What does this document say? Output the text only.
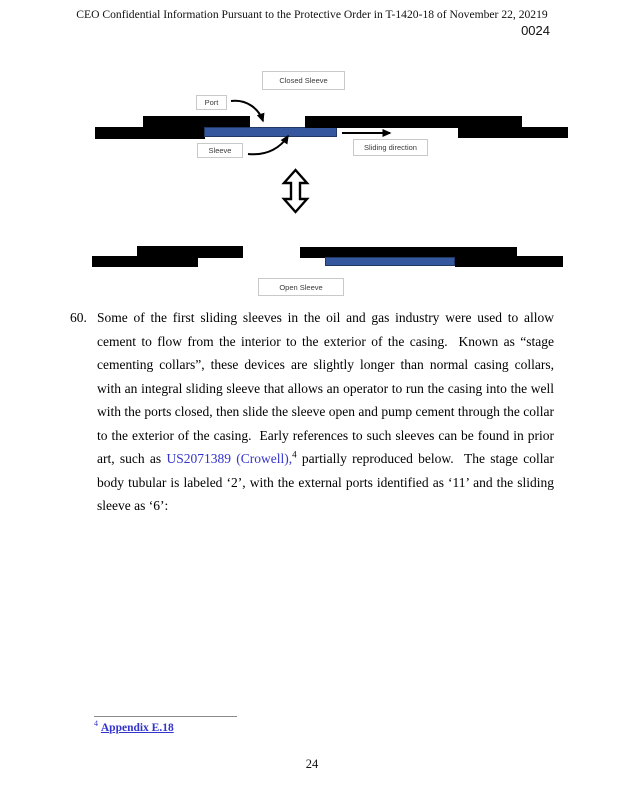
CEO Confidential Information Pursuant to the Protective Order in T-1420-18 of November 22, 20219
0024
Closed Sleeve
Port
Sleeve	Sliding direction
Open Sleeve
60. Some of the first sliding sleeves in the oil and gas industry were used to allow cement to flow from the interior to the exterior of the casing.  Known as “stage cementing collars”, these devices are slightly longer than normal casing collars, with an integral sliding sleeve that allows an operator to run the casing into the well with the ports closed, then slide the sleeve open and pump cement through the collar to the exterior of the casing.  Early references to such sleeves can be found in prior art, such as US2071389 (Crowell),$^4$ partially reproduced below.  The stage collar body tubular is labeled ‘2’, with the external ports identified as ‘11’ and the sliding sleeve as ‘6’:
$^4$ Appendix E.18
24
